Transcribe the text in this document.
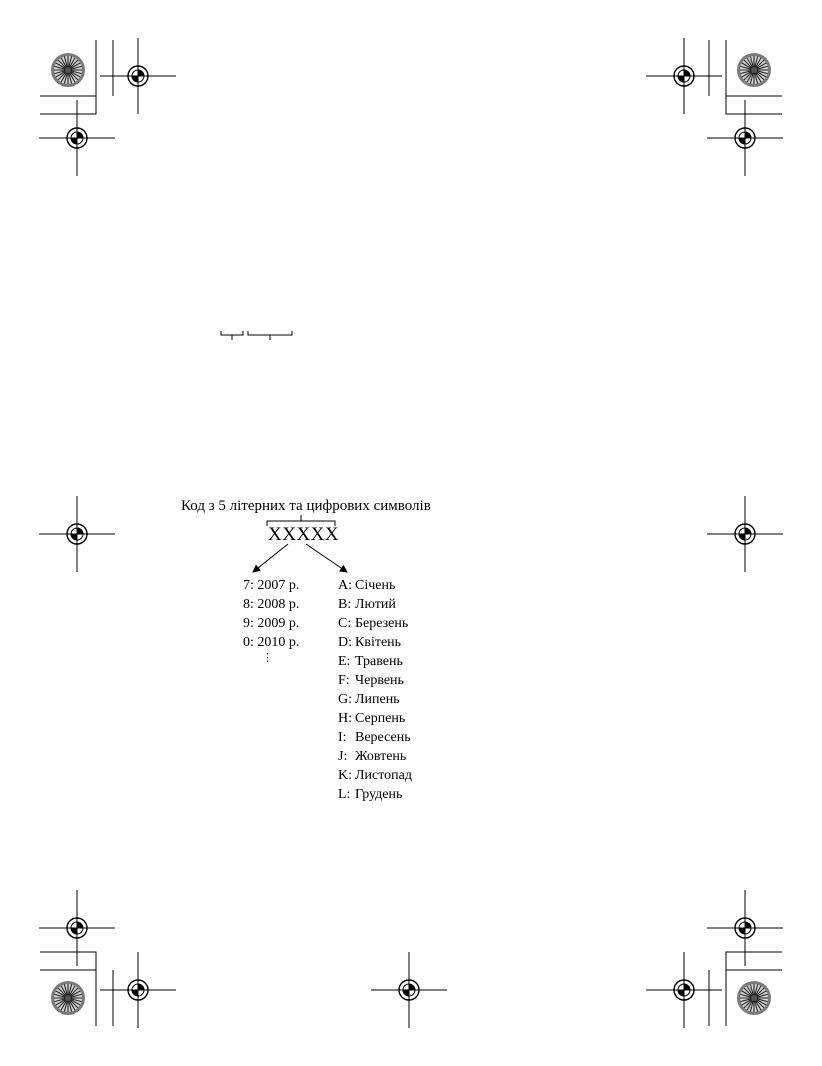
Код з 5 літерних та цифрових символів
XXXXX
7: 2007 р.
8: 2008 р.
9: 2009 р.
0: 2010 р.
⋮
A: Січень
B: Лютий
C: Березень
D: Квітень
E: Травень
F: Червень
G: Липень
H: Серпень
I: Вересень
J: Жовтень
K: Листопад
L: Грудень
